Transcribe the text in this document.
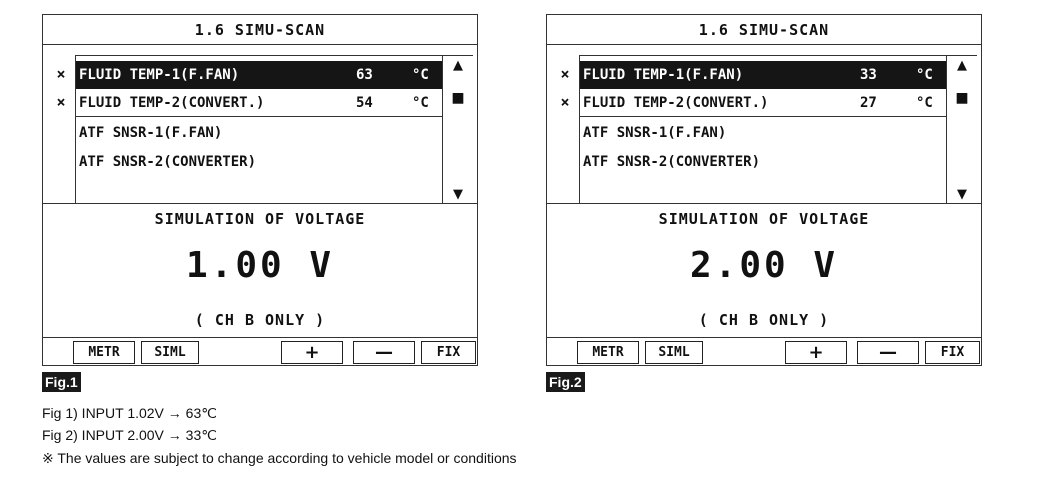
1.6 SIMU-SCAN
×
×
FLUID TEMP-1(F.FAN)	63	°C
FLUID TEMP-2(CONVERT.)	54	°C
ATF SNSR-1(F.FAN)
ATF SNSR-2(CONVERTER)
▲
■
▼
SIMULATION OF VOLTAGE
1.00 V
( CH B ONLY )
METR	SIML	+	—	FIX
1.6 SIMU-SCAN
×
×
FLUID TEMP-1(F.FAN)	33	°C
FLUID TEMP-2(CONVERT.)	27	°C
ATF SNSR-1(F.FAN)
ATF SNSR-2(CONVERTER)
▲
■
▼
SIMULATION OF VOLTAGE
2.00 V
( CH B ONLY )
METR	SIML	+	—	FIX
Fig.1	Fig.2
Fig 1) INPUT 1.02V → 63℃
Fig 2) INPUT 2.00V → 33℃
※ The values are subject to change according to vehicle model or conditions
